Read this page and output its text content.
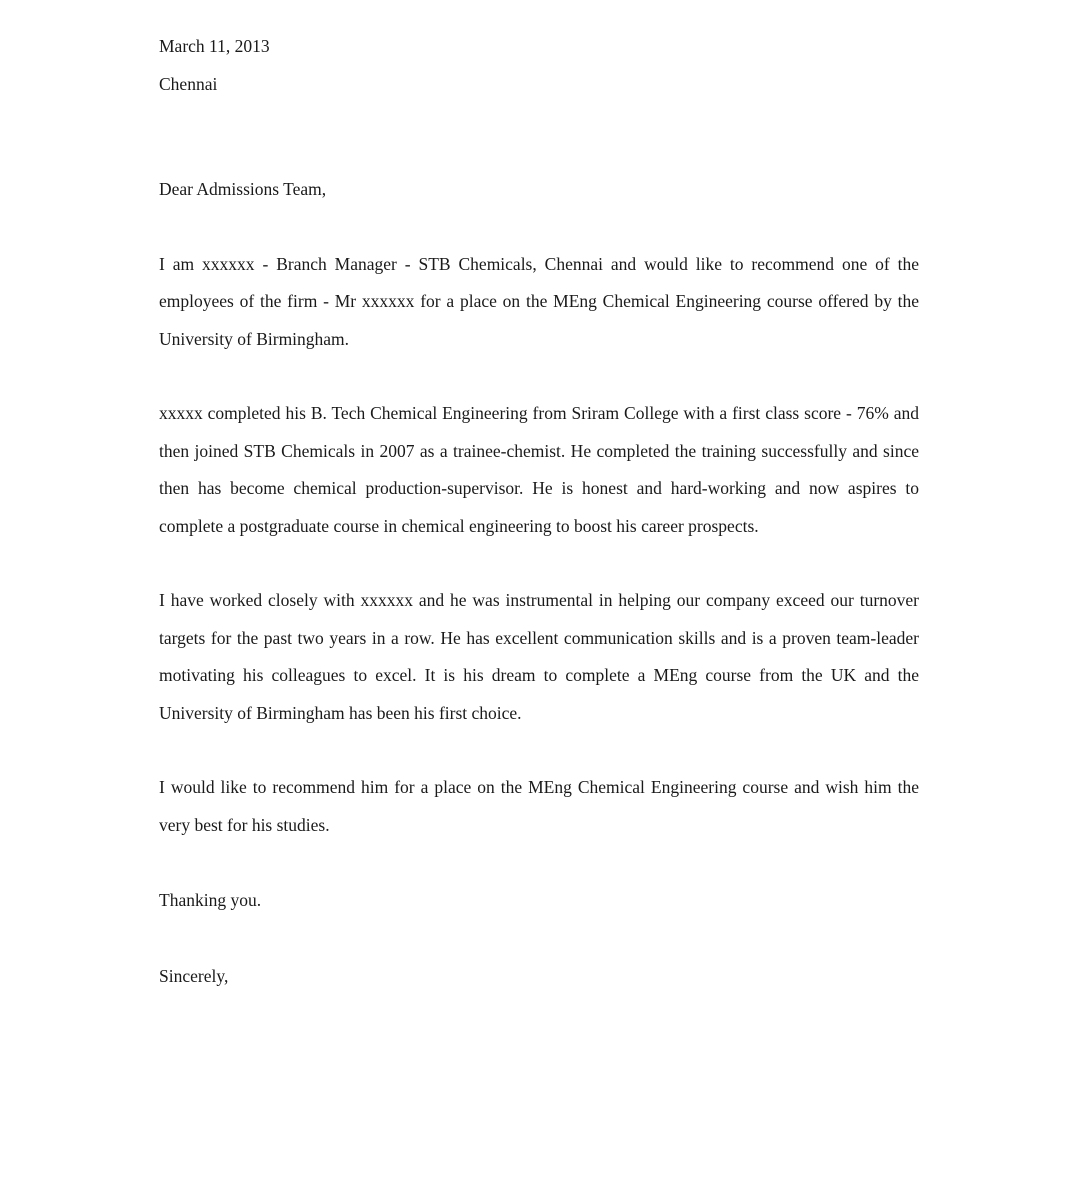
March 11, 2013

Chennai

Dear Admissions Team,

I am xxxxxx - Branch Manager - STB Chemicals, Chennai and would like to recommend one of the employees of the firm - Mr xxxxxx for a place on the MEng Chemical Engineering course offered by the University of Birmingham.

xxxxx completed his B. Tech Chemical Engineering from Sriram College with a first class score - 76% and then joined STB Chemicals in 2007 as a trainee-chemist. He completed the training successfully and since then has become chemical production-supervisor. He is honest and hard-working and now aspires to complete a postgraduate course in chemical engineering to boost his career prospects.

I have worked closely with xxxxxx and he was instrumental in helping our company exceed our turnover targets for the past two years in a row. He has excellent communication skills and is a proven team-leader motivating his colleagues to excel. It is his dream to complete a MEng course from the UK and the University of Birmingham has been his first choice.

I would like to recommend him for a place on the MEng Chemical Engineering course and wish him the very best for his studies.

Thanking you.

Sincerely,
